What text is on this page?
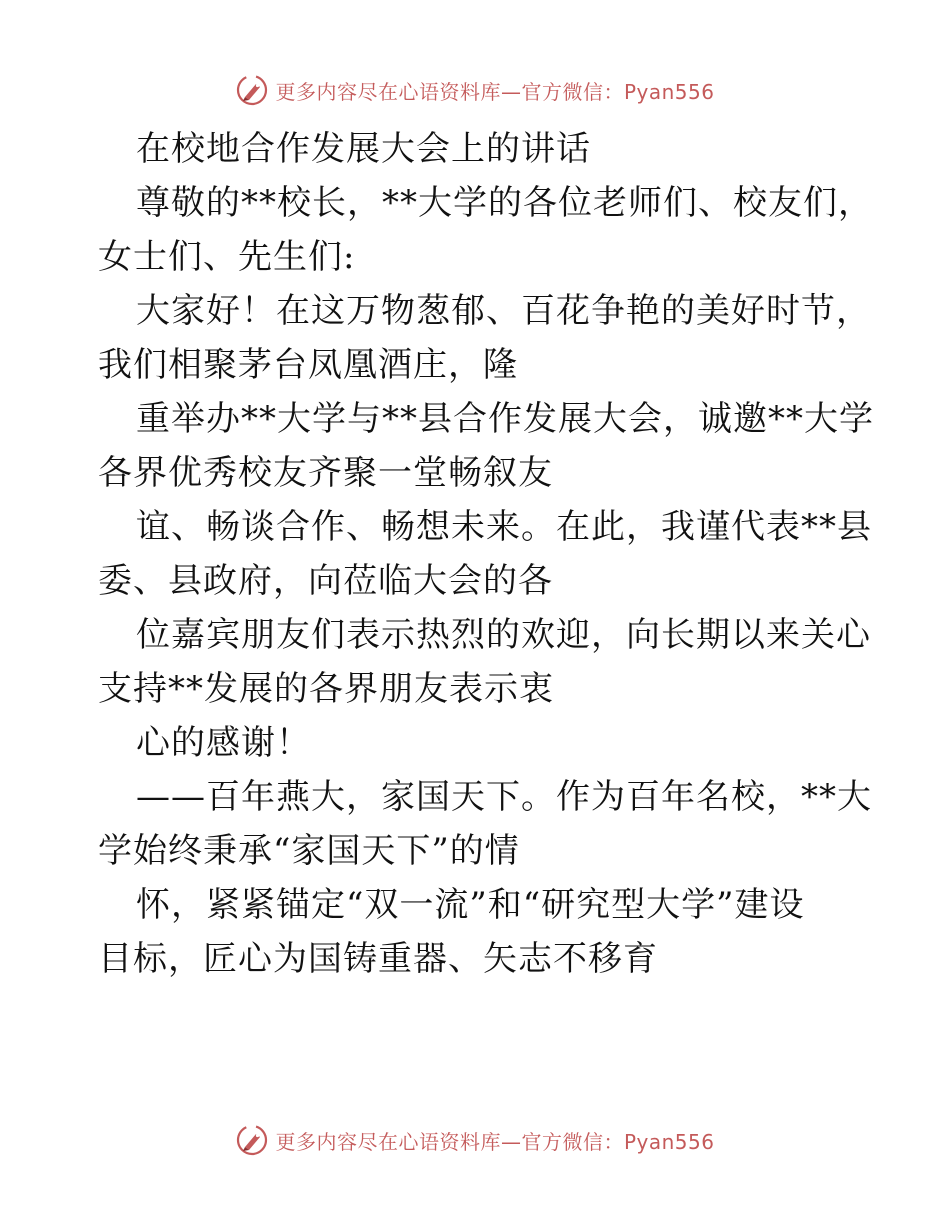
更多内容尽在心语资料库—官方微信：Pyan556
在校地合作发展大会上的讲话
尊敬的**校长，**大学的各位老师们、校友们，
女士们、先生们:
大家好！在这万物葱郁、百花争艳的美好时节，
我们相聚茅台凤凰酒庄，隆
重举办**大学与**县合作发展大会，诚邀**大学
各界优秀校友齐聚一堂畅叙友
谊、畅谈合作、畅想未来。在此，我谨代表**县
委、县政府，向莅临大会的各
位嘉宾朋友们表示热烈的欢迎，向长期以来关心
支持**发展的各界朋友表示衷
心的感谢！
——百年燕大，家国天下。作为百年名校，**大
学始终秉承“家国天下”的情
怀，紧紧锚定“双一流”和“研究型大学”建设
目标，匠心为国铸重器、矢志不移育
更多内容尽在心语资料库—官方微信：Pyan556
